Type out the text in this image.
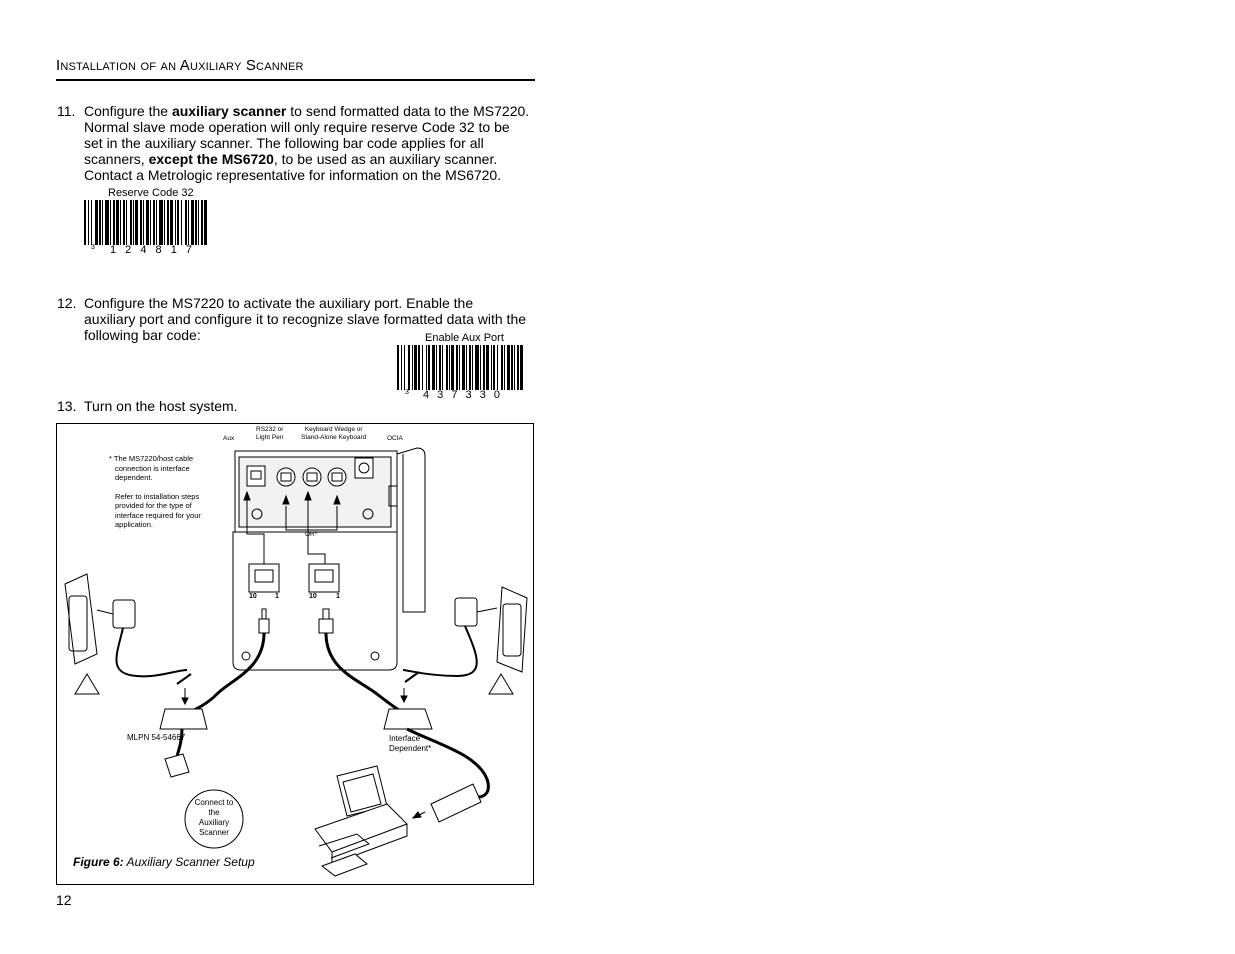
Installation of an Auxiliary Scanner
11. Configure the auxiliary scanner to send formatted data to the MS7220.
Normal slave mode operation will only require reserve Code 32 to be
set in the auxiliary scanner. The following bar code applies for all
scanners, except the MS6720, to be used as an auxiliary scanner.
Contact a Metrologic representative for information on the MS6720.
Reserve Code 32
3 1 2 4 8 1 7
12. Configure the MS7220 to activate the auxiliary port. Enable the
auxiliary port and configure it to recognize slave formatted data with the
following bar code:	Enable Aux Port
3 4 3 7 3 3 0
13. Turn on the host system.
* The MS7220/host cable
connection is interface
dependent.
Refer to installation steps
provided for the type of
interface required for your
application.
Aux
RS232 or
Light Pen
Keyboard Wedge or
Stand-Alone Keyboard	OCIA
OR*
10	1	10	1
MLPN 54-54667	Interface
Dependent*
Connect to
the
Auxiliary
Scanner
Figure 6: Auxiliary Scanner Setup
12
